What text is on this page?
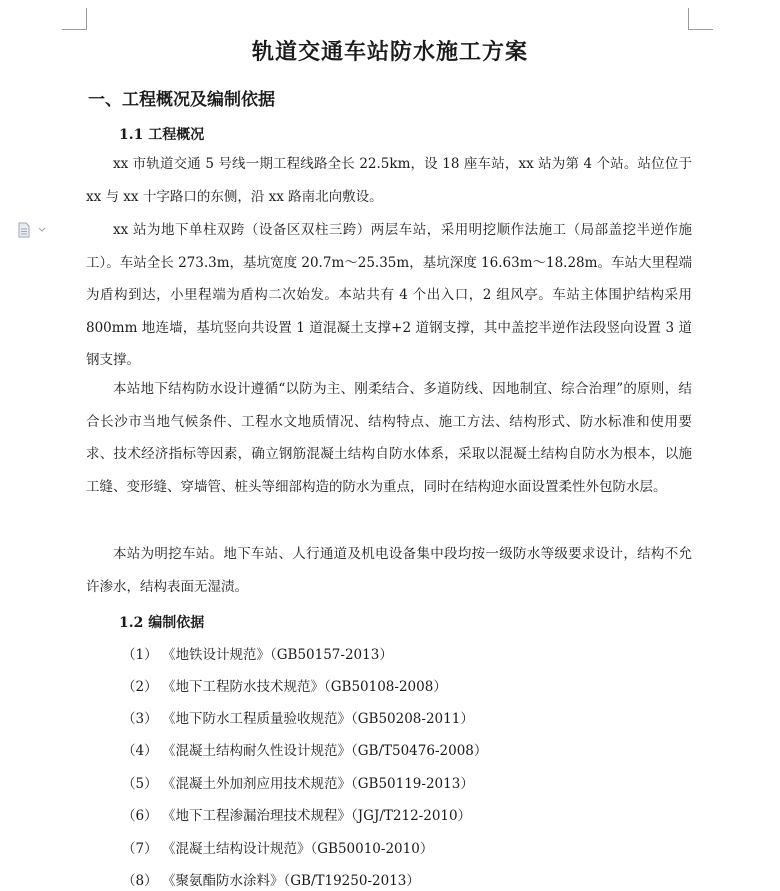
轨道交通车站防水施工方案
一、工程概况及编制依据
1.1 工程概况

xx 市轨道交通 5 号线一期工程线路全长 22.5km，设 18 座车站，xx 站为第 4 个站。站位位于 xx 与 xx 十字路口的东侧，沿 xx 路南北向敷设。

xx 站为地下单柱双跨（设备区双柱三跨）两层车站，采用明挖顺作法施工（局部盖挖半逆作施工）。车站全长 273.3m，基坑宽度 20.7m～25.35m，基坑深度 16.63m～18.28m。车站大里程端为盾构到达，小里程端为盾构二次始发。本站共有 4 个出入口，2 组风亭。车站主体围护结构采用 800mm 地连墙，基坑竖向共设置 1 道混凝土支撑+2 道钢支撑，其中盖挖半逆作法段竖向设置 3 道钢支撑。

本站地下结构防水设计遵循“以防为主、刚柔结合、多道防线、因地制宜、综合治理”的原则，结合长沙市当地气候条件、工程水文地质情况、结构特点、施工方法、结构形式、防水标准和使用要求、技术经济指标等因素，确立钢筋混凝土结构自防水体系，采取以混凝土结构自防水为根本，以施工缝、变形缝、穿墙管、桩头等细部构造的防水为重点，同时在结构迎水面设置柔性外包防水层。

本站为明挖车站。地下车站、人行通道及机电设备集中段均按一级防水等级要求设计，结构不允许渗水，结构表面无湿渍。

1.2 编制依据
（1） 《地铁设计规范》（GB50157-2013）
（2） 《地下工程防水技术规范》（GB50108-2008）
（3） 《地下防水工程质量验收规范》（GB50208-2011）
（4） 《混凝土结构耐久性设计规范》（GB/T50476-2008）
（5） 《混凝土外加剂应用技术规范》（GB50119-2013）
（6） 《地下工程渗漏治理技术规程》（JGJ/T212-2010）
（7） 《混凝土结构设计规范》（GB50010-2010）
（8） 《聚氨酯防水涂料》（GB/T19250-2013）
